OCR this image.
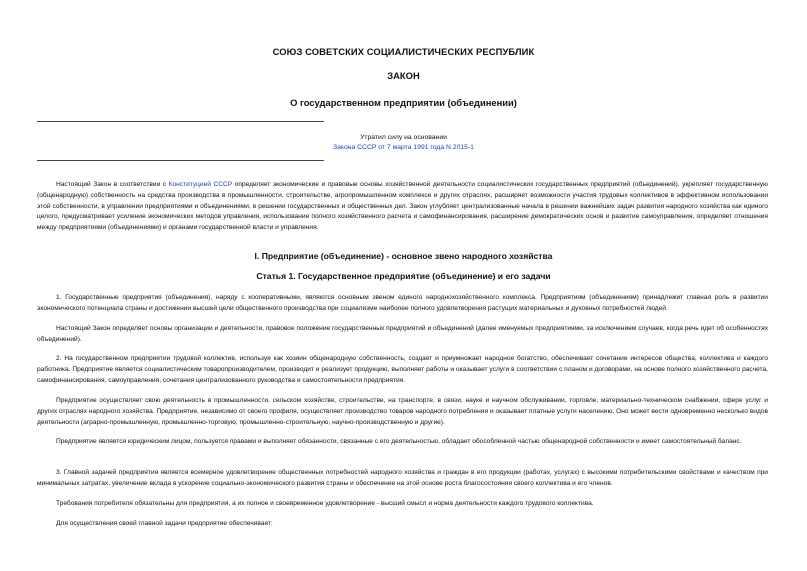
СОЮЗ СОВЕТСКИХ СОЦИАЛИСТИЧЕСКИХ РЕСПУБЛИК
ЗАКОН
О государственном предприятии (объединении)
Утратил силу на основании
Закона СССР от 7 марта 1991 года N 2015-1

Настоящий Закон в соответствии с Конституцией СССР определяет экономические и правовые основы хозяйственной деятельности социалистических государственных предприятий (объединений), укрепляет государственную (общенародную) собственность на средства производства в промышленности, строительстве, агропромышленном комплексе и других отраслях, расширяет возможности участия трудовых коллективов в эффективном использовании этой собственности, в управлении предприятиями и объединениями, в решении государственных и общественных дел. Закон углубляет централизованные начала в решении важнейших задач развития народного хозяйства как единого целого, предусматривает усиление экономических методов управления, использование полного хозяйственного расчета и самофинансирования, расширение демократических основ и развитие самоуправления, определяет отношения между предприятиями (объединениями) и органами государственной власти и управления.

I. Предприятие (объединение) - основное звено народного хозяйства
Статья 1. Государственное предприятие (объединение) и его задачи

1. Государственные предприятия (объединения), наряду с кооперативными, являются основным звеном единого народнохозяйственного комплекса. Предприятиям (объединениям) принадлежит главная роль в развитии экономического потенциала страны и достижении высшей цели общественного производства при социализме наиболее полного удовлетворения растущих материальных и духовных потребностей людей.

Настоящий Закон определяет основы организации и деятельности, правовое положение государственных предприятий и объединений (далее именуемых предприятиями, за исключением случаев, когда речь идет об особенностях объединений).

2. На государственном предприятии трудовой коллектив, используя как хозяин общенародную собственность, создает и приумножает народное богатство, обеспечивает сочетание интересов общества, коллектива и каждого работника. Предприятие является социалистическим товаропроизводителем, производит и реализует продукцию, выполняет работы и оказывает услуги в соответствии с планом и договорами, на основе полного хозяйственного расчета, самофинансирования, самоуправления, сочетания централизованного руководства и самостоятельности предприятия.

Предприятие осуществляет свою деятельность в промышленности, сельском хозяйстве, строительстве, на транспорте, в связи, науке и научном обслуживании, торговле, материально-техническом снабжении, сфере услуг и других отраслях народного хозяйства. Предприятие, независимо от своего профиля, осуществляет производство товаров народного потребления и оказывает платные услуги населению. Оно может вести одновременно несколько видов деятельности (аграрно-промышленную, промышленно-торговую, промышленно-строительную, научно-производственную и другие).

Предприятие является юридическим лицом, пользуется правами и выполняет обязанности, связанные с его деятельностью, обладает обособленной частью общенародной собственности и имеет самостоятельный баланс.

3. Главной задачей предприятия является всемерное удовлетворение общественных потребностей народного хозяйства и граждан в его продукции (работах, услугах) с высокими потребительскими свойствами и качеством при минимальных затратах, увеличение вклада в ускорение социально-экономического развития страны и обеспечение на этой основе роста благосостояния своего коллектива и его членов.

Требования потребителя обязательны для предприятия, а их полное и своевременное удовлетворение - высший смысл и норма деятельности каждого трудового коллектива.

Для осуществления своей главной задачи предприятие обеспечивает:
